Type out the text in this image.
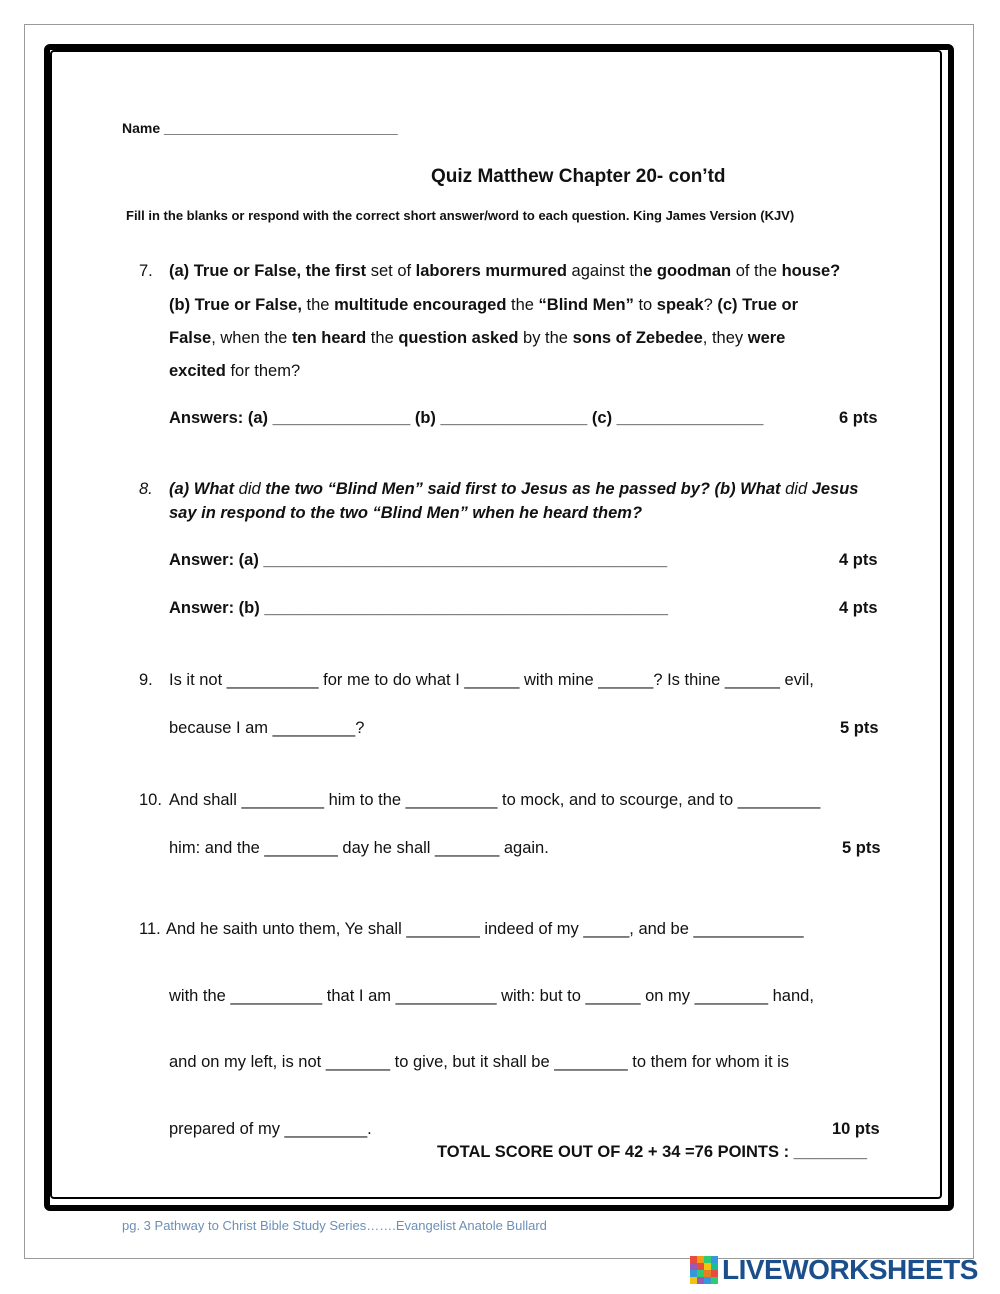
Name ______________________________
Quiz Matthew Chapter 20- con’td
Fill in the blanks or respond with the correct short answer/word to each question. King James Version (KJV)
7. (a) True or False, the first set of laborers murmured against the goodman of the house?
(b) True or False, the multitude encouraged the “Blind Men” to speak? (c) True or
False, when the ten heard the question asked by the sons of Zebedee, they were
excited for them?
Answers: (a) _______________ (b) ________________ (c) ________________	6 pts
8. (a) What did the two “Blind Men” said first to Jesus as he passed by? (b) What did Jesus
say in respond to the two “Blind Men” when he heard them?
Answer: (a) ____________________________________________	4 pts
Answer: (b) ____________________________________________	4 pts
9. Is it not __________ for me to do what I ______ with mine ______? Is thine ______ evil,
because I am _________?	5 pts
10. And shall _________ him to the __________ to mock, and to scourge, and to _________
him: and the ________ day he shall _______ again.	5 pts
11. And he saith unto them, Ye shall ________ indeed of my _____, and be ____________
with the __________ that I am ___________ with: but to ______ on my ________ hand,
and on my left, is not _______ to give, but it shall be ________ to them for whom it is
prepared of my _________.	10 pts
TOTAL SCORE OUT OF 42 + 34 =76 POINTS : ________
pg. 3 Pathway to Christ Bible Study Series…….Evangelist Anatole Bullard
LIVEWORKSHEETS
